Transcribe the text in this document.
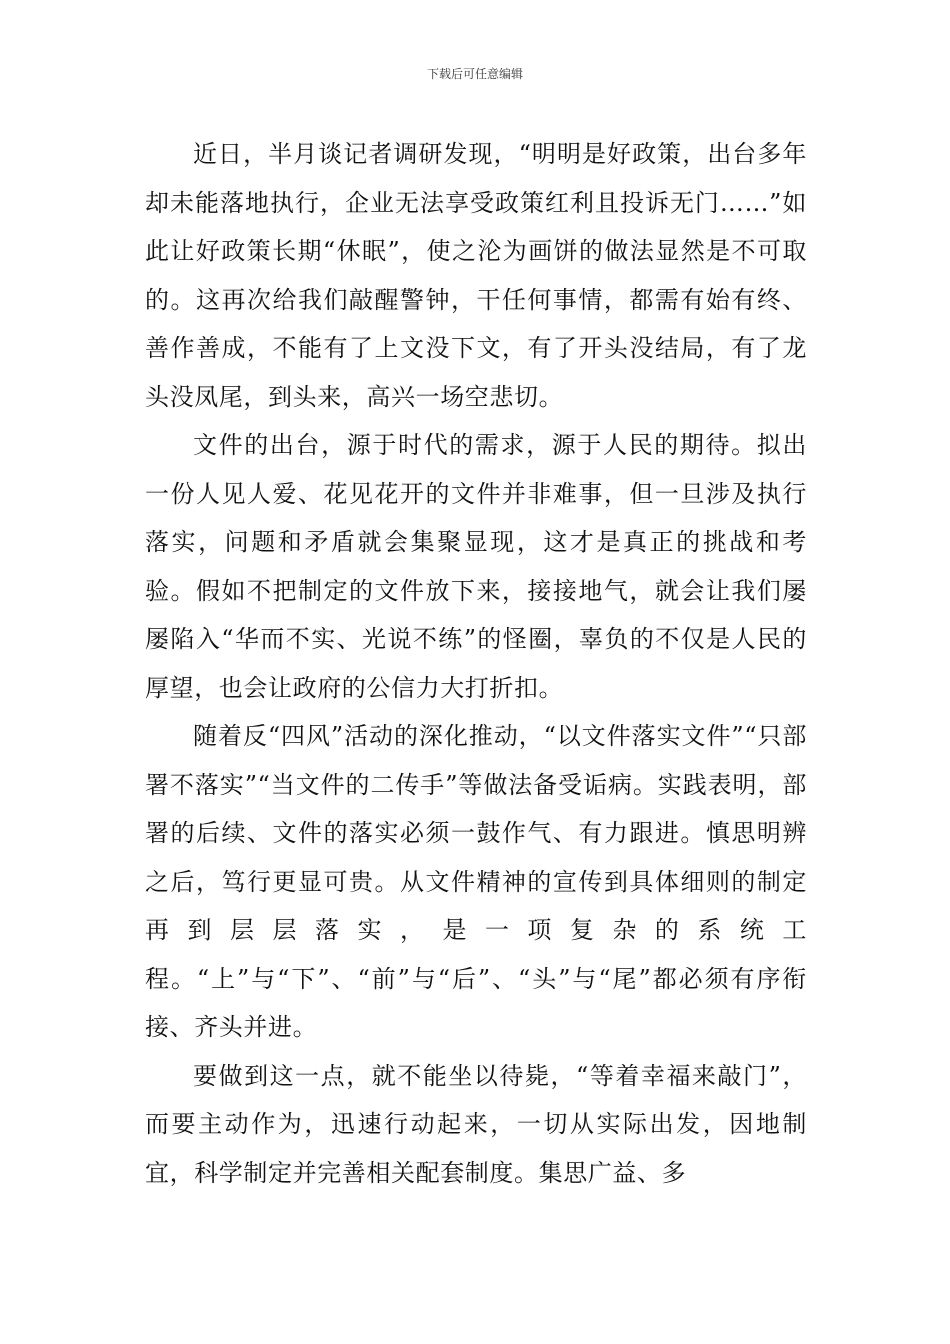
下载后可任意编辑

近日，半月谈记者调研发现，“明明是好政策，出台多年却未能落地执行，企业无法享受政策红利且投诉无门……”如此让好政策长期“休眠”，使之沦为画饼的做法显然是不可取的。这再次给我们敲醒警钟，干任何事情，都需有始有终、善作善成，不能有了上文没下文，有了开头没结局，有了龙头没凤尾，到头来，高兴一场空悲切。

文件的出台，源于时代的需求，源于人民的期待。拟出一份人见人爱、花见花开的文件并非难事，但一旦涉及执行落实，问题和矛盾就会集聚显现，这才是真正的挑战和考验。假如不把制定的文件放下来，接接地气，就会让我们屡屡陷入“华而不实、光说不练”的怪圈，辜负的不仅是人民的厚望，也会让政府的公信力大打折扣。

随着反“四风”活动的深化推动，“以文件落实文件”“只部署不落实”“当文件的二传手”等做法备受诟病。实践表明，部署的后续、文件的落实必须一鼓作气、有力跟进。慎思明辨之后，笃行更显可贵。从文件精神的宣传到具体细则的制定再到层层落实，是一项复杂的系统工程。“上”与“下”、“前”与“后”、“头”与“尾”都必须有序衔接、齐头并进。

要做到这一点，就不能坐以待毙，“等着幸福来敲门”，而要主动作为，迅速行动起来，一切从实际出发，因地制宜，科学制定并完善相关配套制度。集思广益、多
